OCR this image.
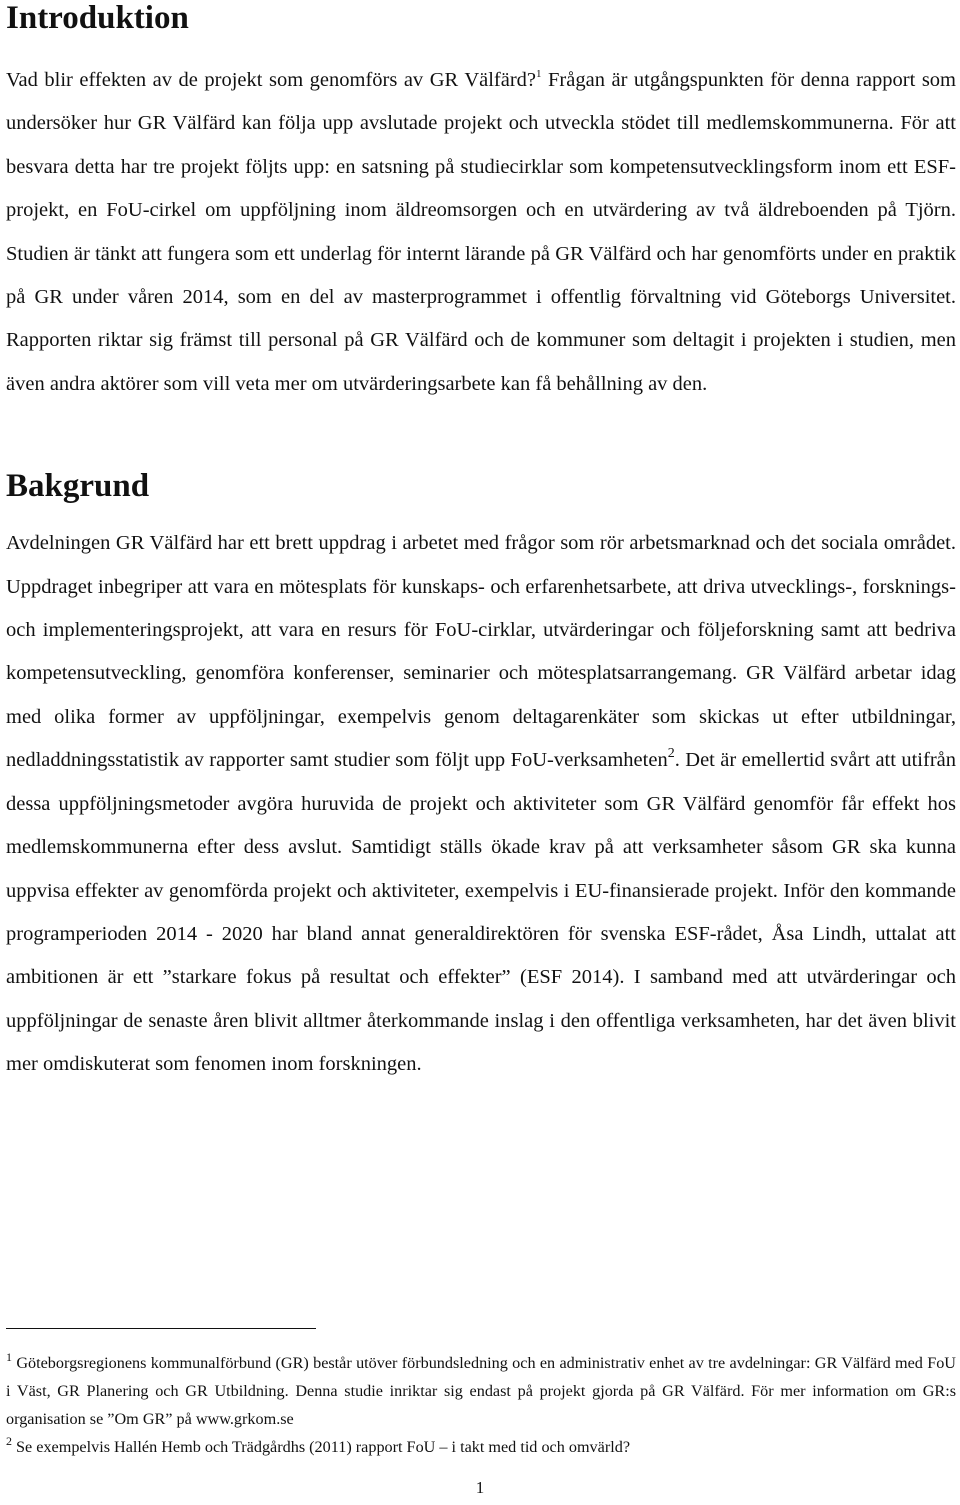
Introduktion

Vad blir effekten av de projekt som genomförs av GR Välfärd?$^1$ Frågan är utgångspunkten för denna rapport som undersöker hur GR Välfärd kan följa upp avslutade projekt och utveckla stödet till medlemskommunerna. För att besvara detta har tre projekt följts upp: en satsning på studiecirklar som kompetensutvecklingsform inom ett ESF-projekt, en FoU-cirkel om uppföljning inom äldreomsorgen och en utvärdering av två äldreboenden på Tjörn. Studien är tänkt att fungera som ett underlag för internt lärande på GR Välfärd och har genomförts under en praktik på GR under våren 2014, som en del av masterprogrammet i offentlig förvaltning vid Göteborgs Universitet. Rapporten riktar sig främst till personal på GR Välfärd och de kommuner som deltagit i projekten i studien, men även andra aktörer som vill veta mer om utvärderingsarbete kan få behållning av den.

Bakgrund

Avdelningen GR Välfärd har ett brett uppdrag i arbetet med frågor som rör arbetsmarknad och det sociala området. Uppdraget inbegriper att vara en mötesplats för kunskaps- och erfarenhetsarbete, att driva utvecklings-, forsknings- och implementeringsprojekt, att vara en resurs för FoU-cirklar, utvärderingar och följeforskning samt att bedriva kompetensutveckling, genomföra konferenser, seminarier och mötesplatsarrangemang. GR Välfärd arbetar idag med olika former av uppföljningar, exempelvis genom deltagarenkäter som skickas ut efter utbildningar, nedladdningsstatistik av rapporter samt studier som följt upp FoU-verksamheten$^2$. Det är emellertid svårt att utifrån dessa uppföljningsmetoder avgöra huruvida de projekt och aktiviteter som GR Välfärd genomför får effekt hos medlemskommunerna efter dess avslut. Samtidigt ställs ökade krav på att verksamheter såsom GR ska kunna uppvisa effekter av genomförda projekt och aktiviteter, exempelvis i EU-finansierade projekt. Inför den kommande programperioden 2014 - 2020 har bland annat generaldirektören för svenska ESF-rådet, Åsa Lindh, uttalat att ambitionen är ett ”starkare fokus på resultat och effekter” (ESF 2014). I samband med att utvärderingar och uppföljningar de senaste åren blivit alltmer återkommande inslag i den offentliga verksamheten, har det även blivit mer omdiskuterat som fenomen inom forskningen.

$^1$ Göteborgsregionens kommunalförbund (GR) består utöver förbundsledning och en administrativ enhet av tre avdelningar: GR Välfärd med FoU i Väst, GR Planering och GR Utbildning. Denna studie inriktar sig endast på projekt gjorda på GR Välfärd. För mer information om GR:s organisation se ”Om GR” på www.grkom.se

$^2$ Se exempelvis Hallén Hemb och Trädgårdhs (2011) rapport FoU – i takt med tid och omvärld?

1
